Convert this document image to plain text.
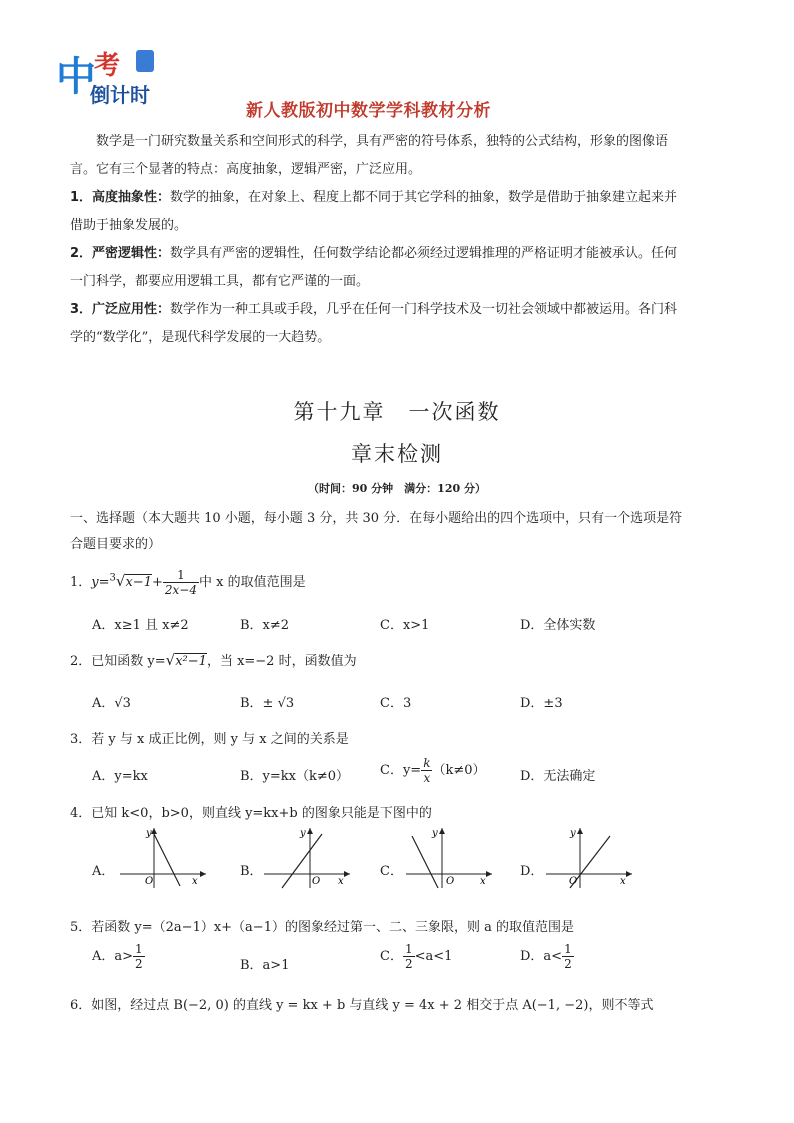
中
考
倒计时
新人教版初中数学学科教材分析
数学是一门研究数量关系和空间形式的科学，具有严密的符号体系，独特的公式结构，形象的图像语
言。它有三个显著的特点：高度抽象，逻辑严密，广泛应用。
1．高度抽象性：数学的抽象，在对象上、程度上都不同于其它学科的抽象，数学是借助于抽象建立起来并
借助于抽象发展的。
2．严密逻辑性：数学具有严密的逻辑性，任何数学结论都必须经过逻辑推理的严格证明才能被承认。任何
一门科学，都要应用逻辑工具，都有它严谨的一面。
3．广泛应用性：数学作为一种工具或手段，几乎在任何一门科学技术及一切社会领域中都被运用。各门科
学的“数学化”，是现代科学发展的一大趋势。
第十九章　一次函数
章末检测
（时间：90 分钟　满分：120 分）
一、选择题（本大题共 10 小题，每小题 3 分，共 30 分．在每小题给出的四个选项中，只有一个选项是符
合题目要求的）
1．$y=^3√x-1+ \frac{1}{2x-4}$ 中 x 的取值范围是
A．x≥1 且 x≠2	B．x≠2	C．x>1	D．全体实数
2．已知函数 y=√x²−1，当 x=−2 时，函数值为
A．√3	B．± √3	C．3	D．±3
3．若 y 与 x 成正比例，则 y 与 x 之间的关系是
A．y=kx	B．y=kx（k≠0） C．$y= \frac{k}{x} (k\ne 0)$	D．无法确定
4．已知 k<0，b>0，则直线 y=kx+b 的图象只能是下图中的
A．	B．	C．	D．
y
x
O
y
x
O
y
x
O
y
x
O
5．若函数 y=（2a−1）x+（a−1）的图象经过第一、二、三象限，则 a 的取值范围是
A．$a> \frac{1}{2}$	B．a>1
C． $\frac{1}{2} <a<1$	D．$a< \frac{1}{2}$
6．如图，经过点 B(−2, 0) 的直线 y = kx + b 与直线 y = 4x + 2 相交于点 A(−1, −2)，则不等式
